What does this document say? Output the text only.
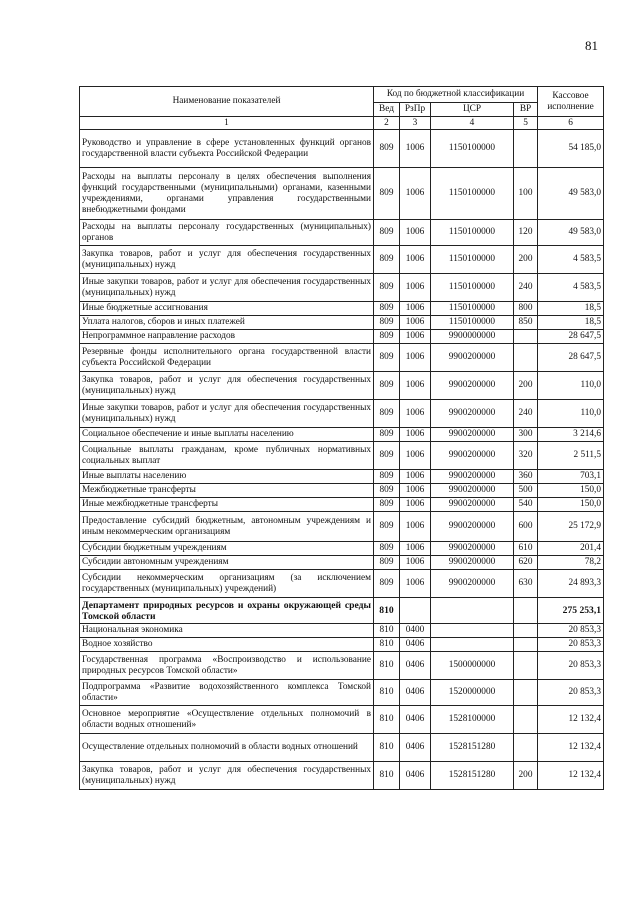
81
Наименование показателей	Код по бюджетной классификации				Кассовое исполнение
	Вед	РзПр	ЦСР	ВР	
1	2	3	4	5	6
Руководство и управление в сфере установленных функций органов государственной власти субъекта Российской Федерации	809	1006	1150100000		54 185,0
Расходы на выплаты персоналу в целях обеспечения выполнения функций государственными (муниципальными) органами, казенными учреждениями, органами управления государственными внебюджетными фондами	809	1006	1150100000	100	49 583,0
Расходы на выплаты персоналу государственных (муниципальных) органов	809	1006	1150100000	120	49 583,0
Закупка товаров, работ и услуг для обеспечения государственных (муниципальных) нужд	809	1006	1150100000	200	4 583,5
Иные закупки товаров, работ и услуг для обеспечения государственных (муниципальных) нужд	809	1006	1150100000	240	4 583,5
Иные бюджетные ассигнования	809	1006	1150100000	800	18,5
Уплата налогов, сборов и иных платежей	809	1006	1150100000	850	18,5
Непрограммное направление расходов	809	1006	9900000000		28 647,5
Резервные фонды исполнительного органа государственной власти субъекта Российской Федерации	809	1006	9900200000		28 647,5
Закупка товаров, работ и услуг для обеспечения государственных (муниципальных) нужд	809	1006	9900200000	200	110,0
Иные закупки товаров, работ и услуг для обеспечения государственных (муниципальных) нужд	809	1006	9900200000	240	110,0
Социальное обеспечение и иные выплаты населению	809	1006	9900200000	300	3 214,6
Социальные выплаты гражданам, кроме публичных нормативных социальных выплат	809	1006	9900200000	320	2 511,5
Иные выплаты населению	809	1006	9900200000	360	703,1
Межбюджетные трансферты	809	1006	9900200000	500	150,0
Иные межбюджетные трансферты	809	1006	9900200000	540	150,0
Предоставление субсидий бюджетным, автономным учреждениям и иным некоммерческим организациям	809	1006	9900200000	600	25 172,9
Субсидии бюджетным учреждениям	809	1006	9900200000	610	201,4
Субсидии автономным учреждениям	809	1006	9900200000	620	78,2
Субсидии некоммерческим организациям (за исключением государственных (муниципальных) учреждений)	809	1006	9900200000	630	24 893,3
Департамент природных ресурсов и охраны окружающей среды Томской области	810				275 253,1
Национальная экономика	810	0400			20 853,3
Водное хозяйство	810	0406			20 853,3
Государственная программа «Воспроизводство и использование природных ресурсов Томской области»	810	0406	1500000000		20 853,3
Подпрограмма «Развитие водохозяйственного комплекса Томской области»	810	0406	1520000000		20 853,3
Основное мероприятие «Осуществление отдельных полномочий в области водных отношений»	810	0406	1528100000		12 132,4
Осуществление отдельных полномочий в области водных отношений	810	0406	1528151280		12 132,4
Закупка товаров, работ и услуг для обеспечения государственных (муниципальных) нужд	810	0406	1528151280	200	12 132,4
